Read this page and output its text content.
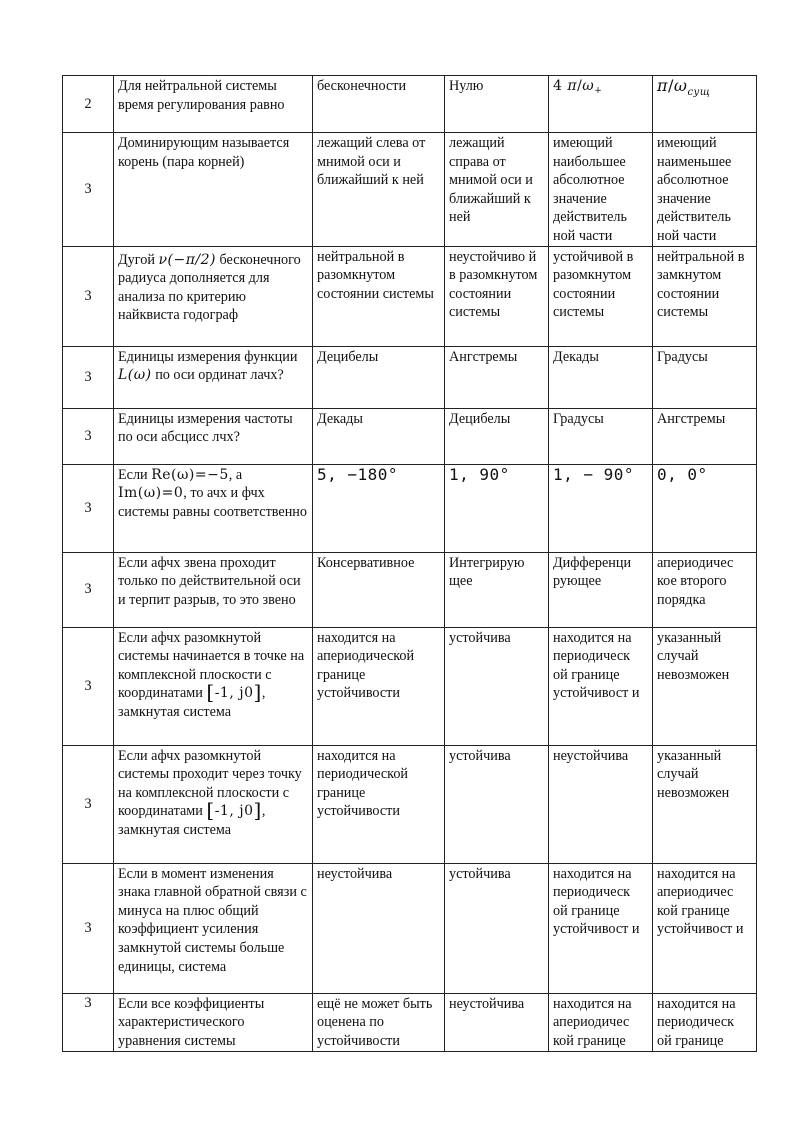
2	Для нейтральной системы время регулирования равно	бесконечности	Нулю	4 $\pi/\omega_+$	$\pi/\omega_{сущ}$
3	Доминирующим называется корень (пара корней)	лежащий слева от мнимой оси и ближайший к ней	лежащий справа от мнимой оси и ближайший к ней	имеющий наибольшее абсолютное значение действитель ной части	имеющий наименьшее абсолютное значение действитель ной части
3	Дугой ν(−π/2) бесконечного радиуса дополняется для анализа по критерию найквиста годограф	нейтральной в разомкнутом состоянии системы	неустойчиво й в разомкнутом состоянии системы	устойчивой в разомкнутом состоянии системы	нейтральной в замкнутом состоянии системы
3	Единицы измерения функции L(ω) по оси ординат лачх?	Децибелы	Ангстремы	Декады	Градусы
3	Единицы измерения частоты по оси абсцисс лчх?	Декады	Децибелы	Градусы	Ангстремы
3	Если Re(ω)=−5, а Im(ω)=0, то ачх и фчх системы равны соответственно	5, −180°	1, 90°	1, − 90°	0, 0°
3	Если афчх звена проходит только по действительной оси и терпит разрыв, то это звено	Консервативное	Интегрирую щее	Дифференци рующее	апериодичес кое второго порядка
3	Если афчх разомкнутой системы начинается в точке на комплексной плоскости с координатами [-1, j0], замкнутая система	находится на апериодической границе устойчивости	устойчива	находится на периодическ ой границе устойчивост и	указанный случай невозможен
3	Если афчх разомкнутой системы проходит через точку на комплексной плоскости с координатами [-1, j0], замкнутая система	находится на периодической границе устойчивости	устойчива	неустойчива	указанный случай невозможен
3	Если в момент изменения знака главной обратной связи с минуса на плюс общий коэффициент усиления замкнутой системы больше единицы, система	неустойчива	устойчива	находится на периодическ ой границе устойчивост и	находится на апериодичес кой границе устойчивост и
3	Если все коэффициенты характеристического уравнения системы	ещё не может быть оценена по устойчивости	неустойчива	находится на апериодичес кой границе	находится на периодическ ой границе
